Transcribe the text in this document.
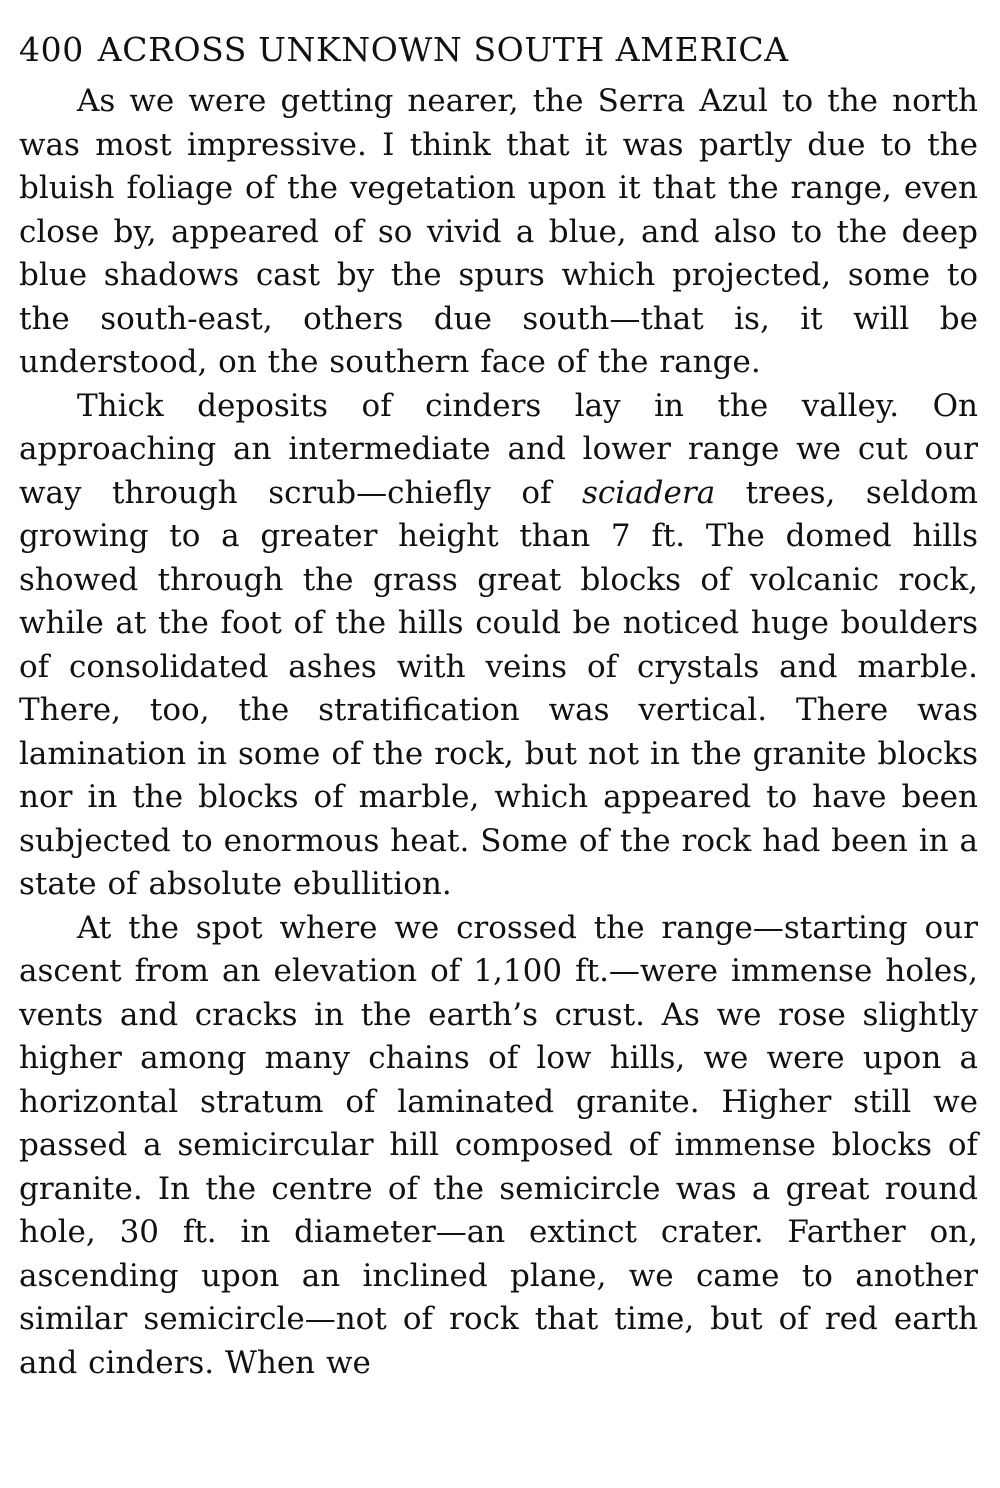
400 ACROSS UNKNOWN SOUTH AMERICA

As we were getting nearer, the Serra Azul to the north was most impressive. I think that it was partly due to the bluish foliage of the vegetation upon it that the range, even close by, appeared of so vivid a blue, and also to the deep blue shadows cast by the spurs which projected, some to the south-east, others due south—that is, it will be understood, on the southern face of the range.

Thick deposits of cinders lay in the valley. On approaching an intermediate and lower range we cut our way through scrub—chiefly of sciadera trees, seldom growing to a greater height than 7 ft. The domed hills showed through the grass great blocks of volcanic rock, while at the foot of the hills could be noticed huge boulders of consolidated ashes with veins of crystals and marble. There, too, the stratification was vertical. There was lamination in some of the rock, but not in the granite blocks nor in the blocks of marble, which appeared to have been subjected to enormous heat. Some of the rock had been in a state of absolute ebullition.

At the spot where we crossed the range—starting our ascent from an elevation of 1,100 ft.—were immense holes, vents and cracks in the earth’s crust. As we rose slightly higher among many chains of low hills, we were upon a horizontal stratum of laminated granite. Higher still we passed a semicircular hill composed of immense blocks of granite. In the centre of the semicircle was a great round hole, 30 ft. in diameter—an extinct crater. Farther on, ascending upon an inclined plane, we came to another similar semicircle—not of rock that time, but of red earth and cinders. When we
